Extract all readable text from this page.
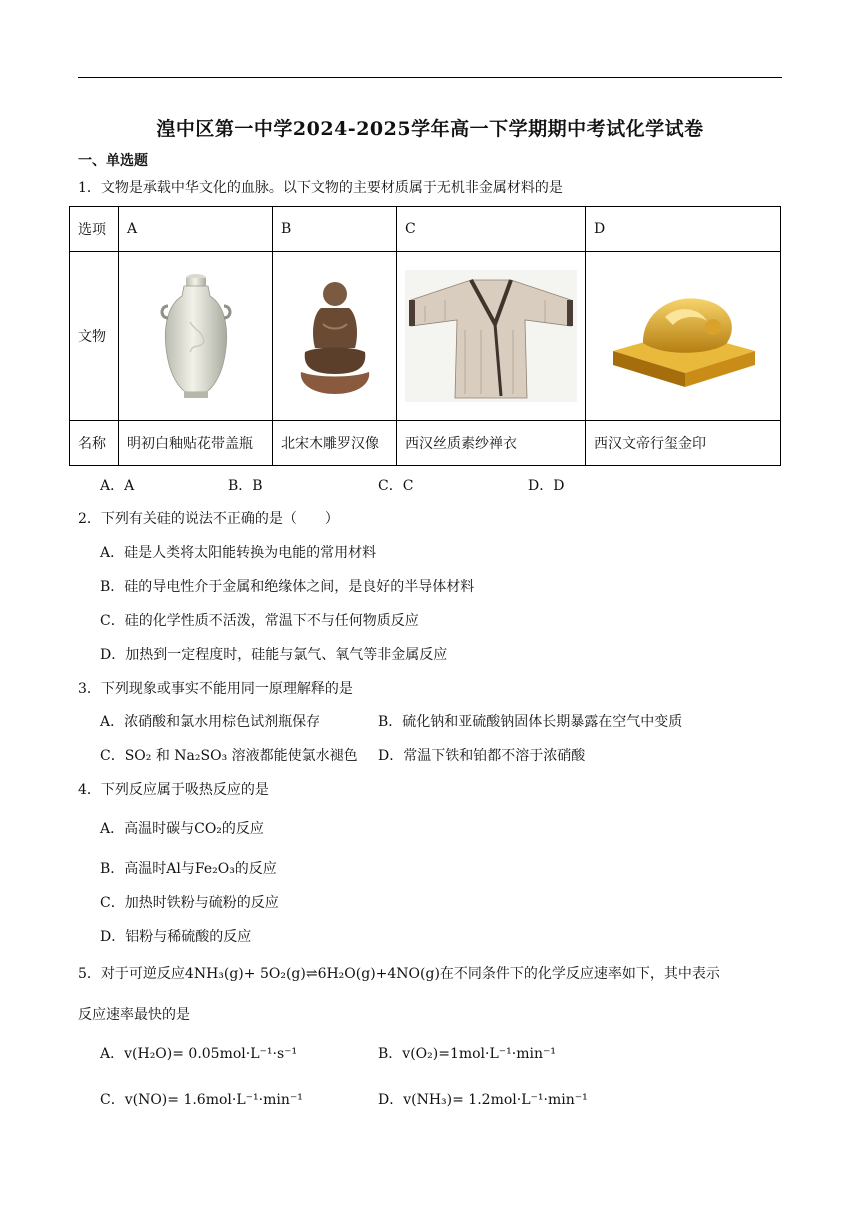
湟中区第一中学2024-2025学年高一下学期期中考试化学试卷
一、单选题
1．文物是承载中华文化的血脉。以下文物的主要材质属于无机非金属材料的是
选项	A	B	C	D
文物	

名称	明初白釉贴花带盖瓶	北宋木雕罗汉像	西汉丝质素纱禅衣	西汉文帝行玺金印
A．A	B．B	C．C	D．D
2．下列有关硅的说法不正确的是（　　）
A．硅是人类将太阳能转换为电能的常用材料
B．硅的导电性介于金属和绝缘体之间，是良好的半导体材料
C．硅的化学性质不活泼，常温下不与任何物质反应
D．加热到一定程度时，硅能与氯气、氧气等非金属反应
3．下列现象或事实不能用同一原理解释的是
A．浓硝酸和氯水用棕色试剂瓶保存	B．硫化钠和亚硫酸钠固体长期暴露在空气中变质
C．SO₂ 和 Na₂SO₃ 溶液都能使氯水褪色 D．常温下铁和铂都不溶于浓硝酸
4．下列反应属于吸热反应的是
A．高温时碳与CO₂的反应
B．高温时Al与Fe₂O₃的反应
C．加热时铁粉与硫粉的反应
D．铝粉与稀硫酸的反应
5．对于可逆反应4NH₃(g)+ 5O₂(g)⇌6H₂O(g)+4NO(g)在不同条件下的化学反应速率如下，其中表示
反应速率最快的是
A．v(H₂O)= 0.05mol·L⁻¹·s⁻¹	B．v(O₂)=1mol·L⁻¹·min⁻¹
C．v(NO)= 1.6mol·L⁻¹·min⁻¹	D．v(NH₃)= 1.2mol·L⁻¹·min⁻¹
